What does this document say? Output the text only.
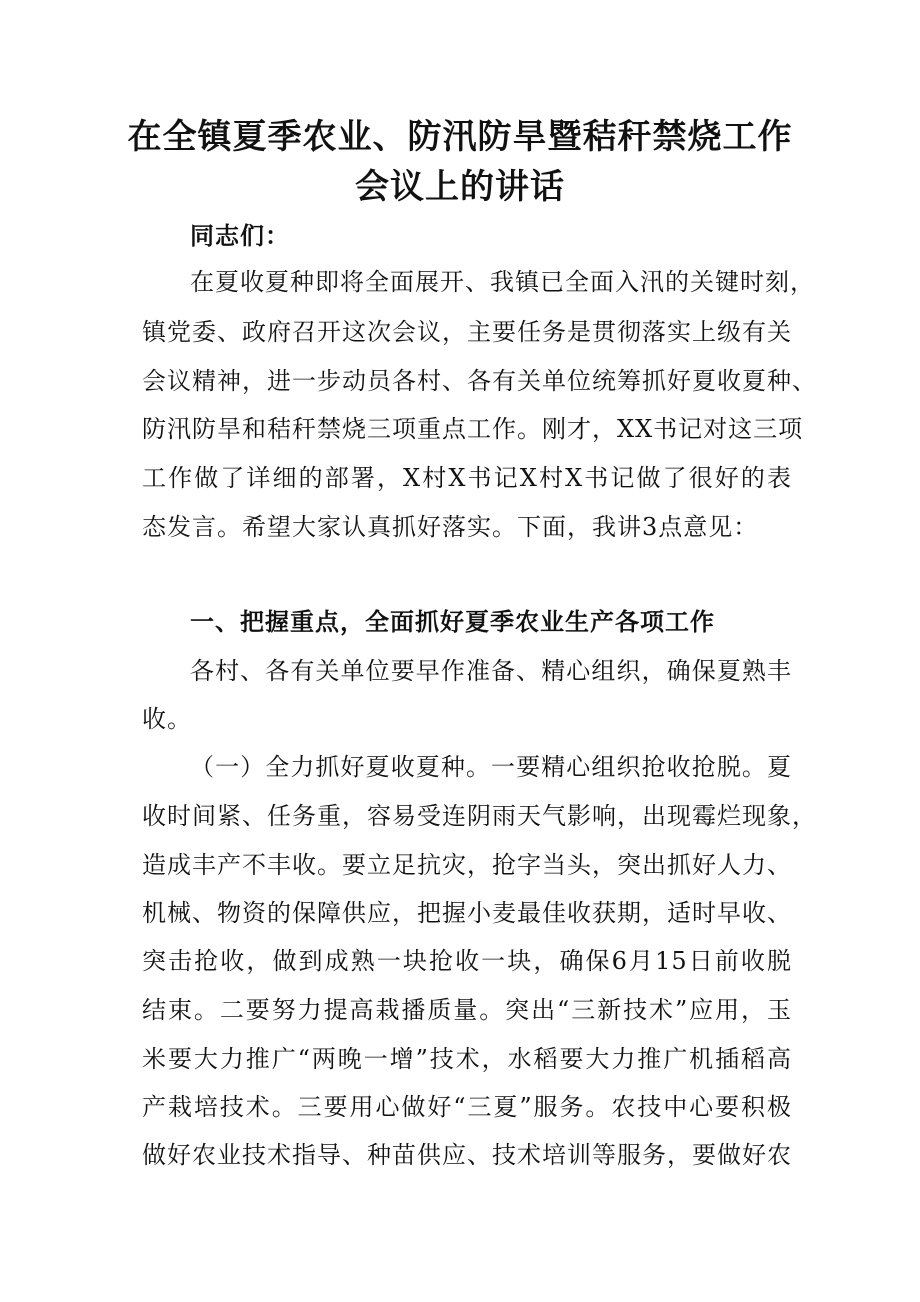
在全镇夏季农业、防汛防旱暨秸秆禁烧工作
会议上的讲话

同志们：

在夏收夏种即将全面展开、我镇已全面入汛的关键时刻，

镇党委、政府召开这次会议，主要任务是贯彻落实上级有关

会议精神，进一步动员各村、各有关单位统筹抓好夏收夏种、

防汛防旱和秸秆禁烧三项重点工作。刚才，XX书记对这三项

工作做了详细的部署，X村X书记X村X书记做了很好的表

态发言。希望大家认真抓好落实。下面，我讲3点意见：

一、把握重点，全面抓好夏季农业生产各项工作

各村、各有关单位要早作准备、精心组织，确保夏熟丰

收。

（一）全力抓好夏收夏种。一要精心组织抢收抢脱。夏

收时间紧、任务重，容易受连阴雨天气影响，出现霉烂现象，

造成丰产不丰收。要立足抗灾，抢字当头，突出抓好人力、

机械、物资的保障供应，把握小麦最佳收获期，适时早收、

突击抢收，做到成熟一块抢收一块，确保6月15日前收脱

结束。二要努力提高栽播质量。突出“三新技术”应用，玉

米要大力推广“两晚一增”技术，水稻要大力推广机插稻高

产栽培技术。三要用心做好“三夏”服务。农技中心要积极

做好农业技术指导、种苗供应、技术培训等服务，要做好农
